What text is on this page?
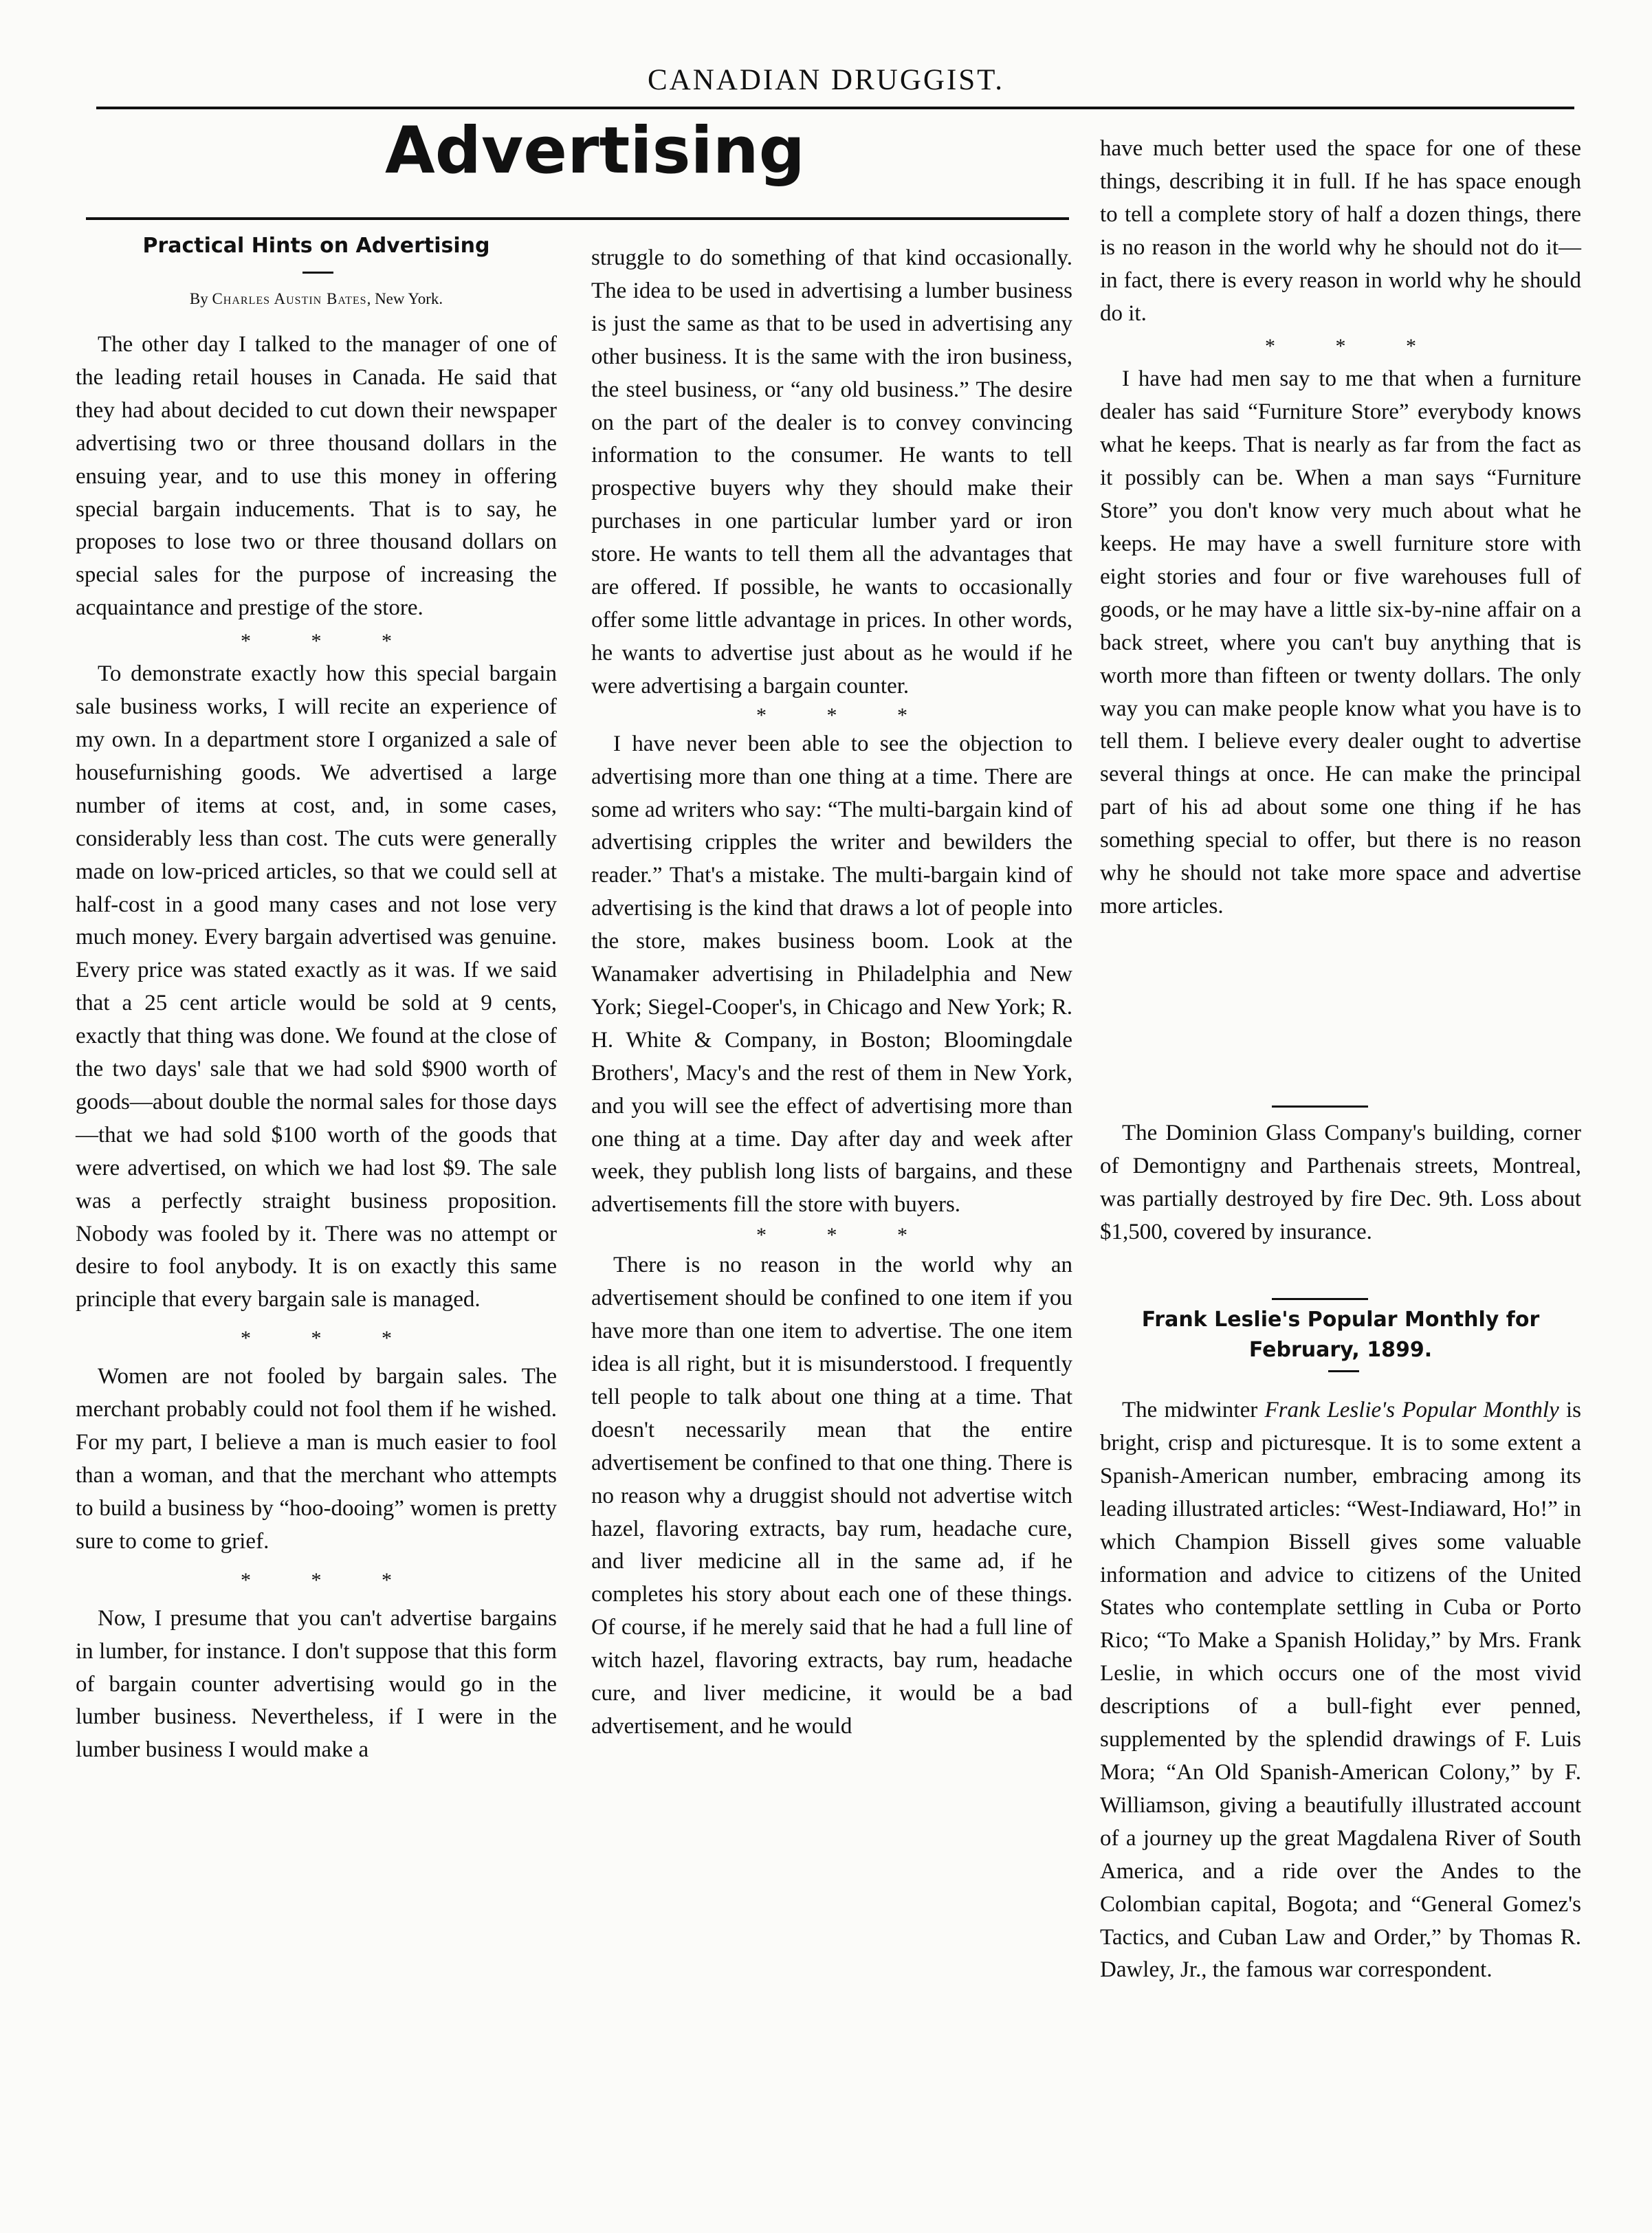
CANADIAN DRUGGIST.
Advertising
Practical Hints on Advertising
By Charles Austin Bates, New York.

The other day I talked to the manager of one of the leading retail houses in Canada. He said that they had about decided to cut down their newspaper advertising two or three thousand dollars in the ensuing year, and to use this money in offering special bargain inducements. That is to say, he proposes to lose two or three thousand dollars on special sales for the purpose of increasing the acquaintance and prestige of the store.

* * *

To demonstrate exactly how this special bargain sale business works, I will recite an experience of my own. In a department store I organized a sale of housefurnishing goods. We advertised a large number of items at cost, and, in some cases, considerably less than cost. The cuts were generally made on low-priced articles, so that we could sell at half-cost in a good many cases and not lose very much money. Every bargain advertised was genuine. Every price was stated exactly as it was. If we said that a 25 cent article would be sold at 9 cents, exactly that thing was done. We found at the close of the two days' sale that we had sold $900 worth of goods—about double the normal sales for those days—that we had sold $100 worth of the goods that were advertised, on which we had lost $9. The sale was a perfectly straight business proposition. Nobody was fooled by it. There was no attempt or desire to fool anybody. It is on exactly this same principle that every bargain sale is managed.

* * *

Women are not fooled by bargain sales. The merchant probably could not fool them if he wished. For my part, I believe a man is much easier to fool than a woman, and that the merchant who attempts to build a business by “hoo-dooing” women is pretty sure to come to grief.

* * *

Now, I presume that you can't advertise bargains in lumber, for instance. I don't suppose that this form of bargain counter advertising would go in the lumber business. Nevertheless, if I were in the lumber business I would make a

struggle to do something of that kind occasionally. The idea to be used in advertising a lumber business is just the same as that to be used in advertising any other business. It is the same with the iron business, the steel business, or “any old business.” The desire on the part of the dealer is to convey convincing information to the consumer. He wants to tell prospective buyers why they should make their purchases in one particular lumber yard or iron store. He wants to tell them all the advantages that are offered. If possible, he wants to occasionally offer some little advantage in prices. In other words, he wants to advertise just about as he would if he were advertising a bargain counter.

* * *

I have never been able to see the objection to advertising more than one thing at a time. There are some ad writers who say: “The multi-bargain kind of advertising cripples the writer and bewilders the reader.” That's a mistake. The multi-bargain kind of advertising is the kind that draws a lot of people into the store, makes business boom. Look at the Wanamaker advertising in Philadelphia and New York; Siegel-Cooper's, in Chicago and New York; R. H. White & Company, in Boston; Bloomingdale Brothers', Macy's and the rest of them in New York, and you will see the effect of advertising more than one thing at a time. Day after day and week after week, they publish long lists of bargains, and these advertisements fill the store with buyers.

* * *

There is no reason in the world why an advertisement should be confined to one item if you have more than one item to advertise. The one item idea is all right, but it is misunderstood. I frequently tell people to talk about one thing at a time. That doesn't necessarily mean that the entire advertisement be confined to that one thing. There is no reason why a druggist should not advertise witch hazel, flavoring extracts, bay rum, headache cure, and liver medicine all in the same ad, if he completes his story about each one of these things. Of course, if he merely said that he had a full line of witch hazel, flavoring extracts, bay rum, headache cure, and liver medicine, it would be a bad advertisement, and he would

have much better used the space for one of these things, describing it in full. If he has space enough to tell a complete story of half a dozen things, there is no reason in the world why he should not do it—in fact, there is every reason in world why he should do it.

* * *

I have had men say to me that when a furniture dealer has said “Furniture Store” everybody knows what he keeps. That is nearly as far from the fact as it possibly can be. When a man says “Furniture Store” you don't know very much about what he keeps. He may have a swell furniture store with eight stories and four or five warehouses full of goods, or he may have a little six-by-nine affair on a back street, where you can't buy anything that is worth more than fifteen or twenty dollars. The only way you can make people know what you have is to tell them. I believe every dealer ought to advertise several things at once. He can make the principal part of his ad about some one thing if he has something special to offer, but there is no reason why he should not take more space and advertise more articles.

The Dominion Glass Company's building, corner of Demontigny and Parthenais streets, Montreal, was partially destroyed by fire Dec. 9th. Loss about $1,500, covered by insurance.

Frank Leslie's Popular Monthly for February, 1899.

The midwinter Frank Leslie's Popular Monthly is bright, crisp and picturesque. It is to some extent a Spanish-American number, embracing among its leading illustrated articles: “West-Indiaward, Ho!” in which Champion Bissell gives some valuable information and advice to citizens of the United States who contemplate settling in Cuba or Porto Rico; “To Make a Spanish Holiday,” by Mrs. Frank Leslie, in which occurs one of the most vivid descriptions of a bull-fight ever penned, supplemented by the splendid drawings of F. Luis Mora; “An Old Spanish-American Colony,” by F. Williamson, giving a beautifully illustrated account of a journey up the great Magdalena River of South America, and a ride over the Andes to the Colombian capital, Bogota; and “General Gomez's Tactics, and Cuban Law and Order,” by Thomas R. Dawley, Jr., the famous war correspondent.
